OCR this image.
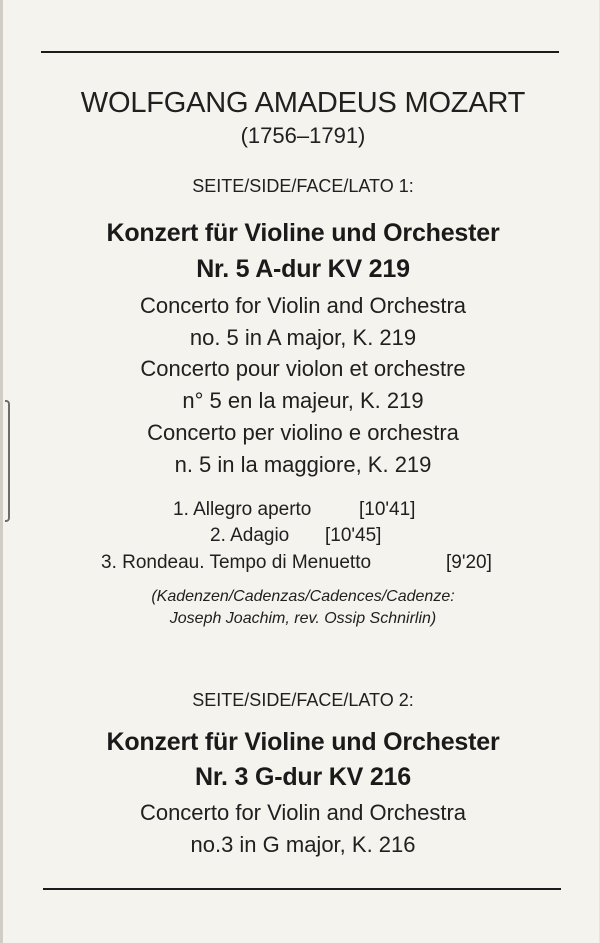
WOLFGANG AMADEUS MOZART
(1756–1791)
SEITE/SIDE/FACE/LATO 1:
Konzert für Violine und Orchester
Nr. 5 A-dur KV 219
Concerto for Violin and Orchestra
no. 5 in A major, K. 219
Concerto pour violon et orchestre
n° 5 en la majeur, K. 219
Concerto per violino e orchestra
n. 5 in la maggiore, K. 219
1. Allegro aperto	[10'41]
2. Adagio [10'45]
3. Rondeau. Tempo di Menuetto	[9'20]
(Kadenzen/Cadenzas/Cadences/Cadenze:
Joseph Joachim, rev. Ossip Schnirlin)
SEITE/SIDE/FACE/LATO 2:
Konzert für Violine und Orchester
Nr. 3 G-dur KV 216
Concerto for Violin and Orchestra
no.3 in G major, K. 216
